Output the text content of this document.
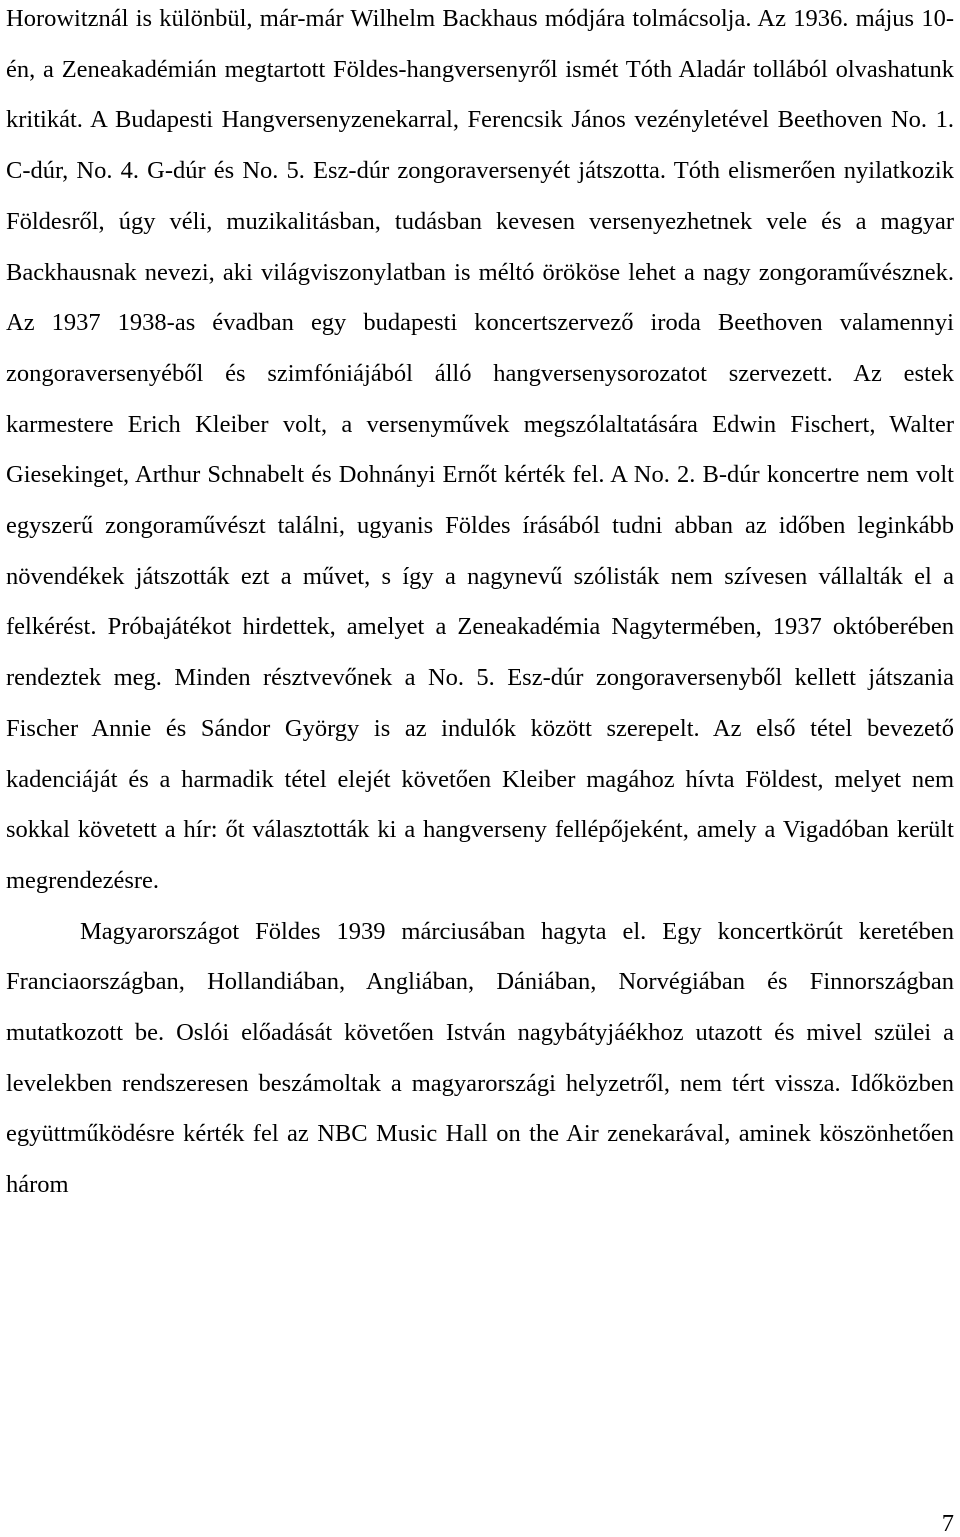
Horowitznál is különbül, már-már Wilhelm Backhaus módjára tolmácsolja. Az 1936. május 10-én, a Zeneakadémián megtartott Földes-hangversenyről ismét Tóth Aladár tollából olvashatunk kritikát. A Budapesti Hangversenyzenekarral, Ferencsik János vezényletével Beethoven No. 1. C-dúr, No. 4. G-dúr és No. 5. Esz-dúr zongoraversenyét játszotta. Tóth elismerően nyilatkozik Földesről, úgy véli, muzikalitásban, tudásban kevesen versenyezhetnek vele és a magyar Backhausnak nevezi, aki világviszonylatban is méltó örököse lehet a nagy zongoraművésznek. Az 1937 1938-as évadban egy budapesti koncertszervező iroda Beethoven valamennyi zongoraversenyéből és szimfóniájából álló hangversenysorozatot szervezett. Az estek karmestere Erich Kleiber volt, a versenyművek megszólaltatására Edwin Fischert, Walter Giesekinget, Arthur Schnabelt és Dohnányi Ernőt kérték fel. A No. 2. B-dúr koncertre nem volt egyszerű zongoraművészt találni, ugyanis Földes írásából tudni abban az időben leginkább növendékek játszották ezt a művet, s így a nagynevű szólisták nem szívesen vállalták el a felkérést. Próbajátékot hirdettek, amelyet a Zeneakadémia Nagytermében, 1937 októberében rendeztek meg. Minden résztvevőnek a No. 5. Esz-dúr zongoraversenyből kellett játszania Fischer Annie és Sándor György is az indulók között szerepelt. Az első tétel bevezető kadenciáját és a harmadik tétel elejét követően Kleiber magához hívta Földest, melyet nem sokkal követett a hír: őt választották ki a hangverseny fellépőjeként, amely a Vigadóban került megrendezésre.

Magyarországot Földes 1939 márciusában hagyta el. Egy koncertkörút keretében Franciaországban, Hollandiában, Angliában, Dániában, Norvégiában és Finnországban mutatkozott be. Oslói előadását követően István nagybátyjáékhoz utazott és mivel szülei a levelekben rendszeresen beszámoltak a magyarországi helyzetről, nem tért vissza. Időközben együttműködésre kérték fel az NBC Music Hall on the Air zenekarával, aminek köszönhetően három

7
